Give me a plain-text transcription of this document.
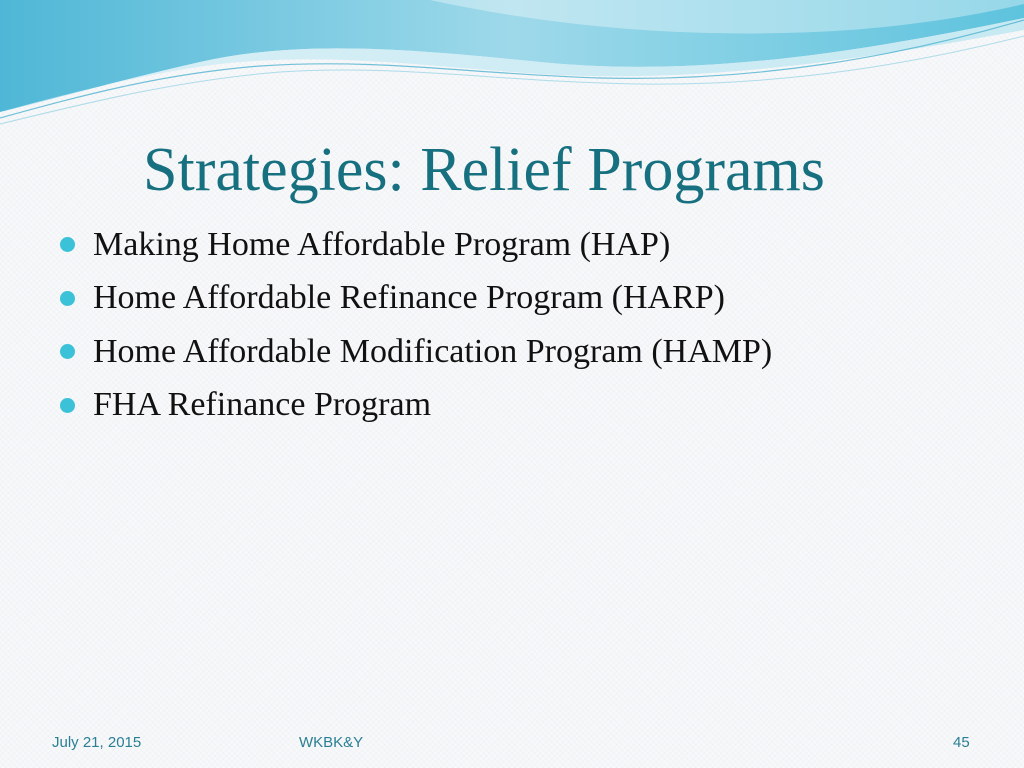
Strategies: Relief Programs
Making Home Affordable Program (HAP)
Home Affordable Refinance Program (HARP)
Home Affordable Modification Program (HAMP)
FHA Refinance Program
July 21, 2015	WKBK&Y	45
